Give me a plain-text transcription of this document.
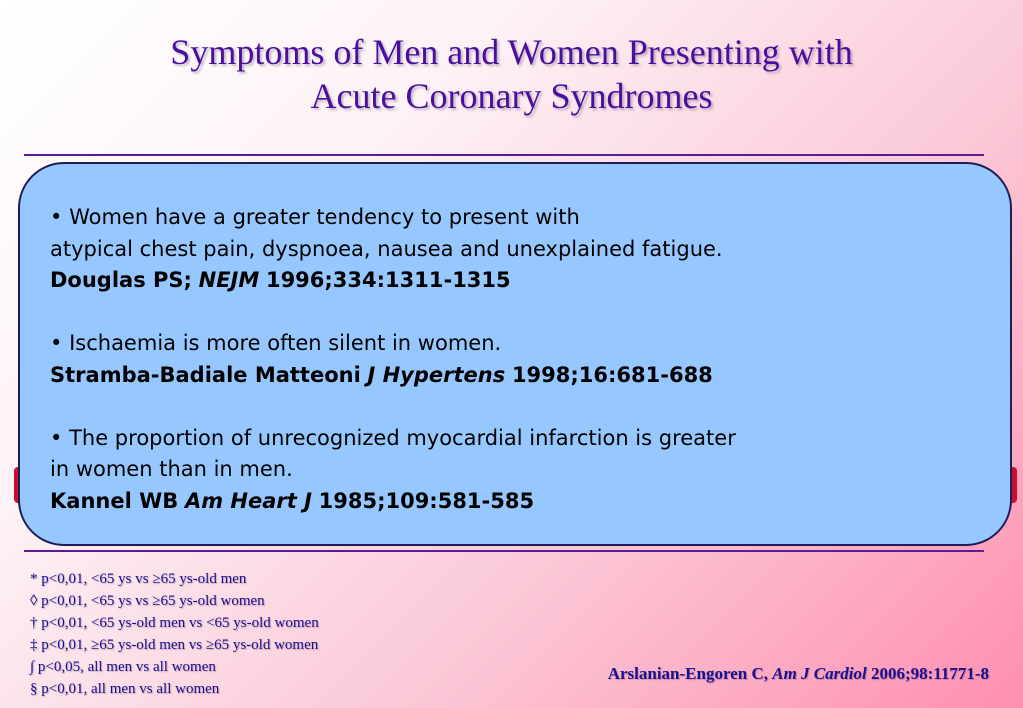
Symptoms of Men and Women Presenting with
Acute Coronary Syndromes

• Women have a greater tendency to present with
atypical chest pain, dyspnoea, nausea and unexplained fatigue.
Douglas PS; NEJM 1996;334:1311-1315

• Ischaemia is more often silent in women.
Stramba-Badiale Matteoni J Hypertens 1998;16:681-688

• The proportion of unrecognized myocardial infarction is greater
in women than in men.
Kannel WB Am Heart J 1985;109:581-585

* p<0,01, <65 ys vs ≥65 ys-old men
◊ p<0,01, <65 ys vs ≥65 ys-old women
† p<0,01, <65 ys-old men vs <65 ys-old women
‡ p<0,01, ≥65 ys-old men vs ≥65 ys-old women
∫ p<0,05, all men vs all women
§ p<0,01, all men vs all women
Arslanian-Engoren C, Am J Cardiol 2006;98:11771-8
